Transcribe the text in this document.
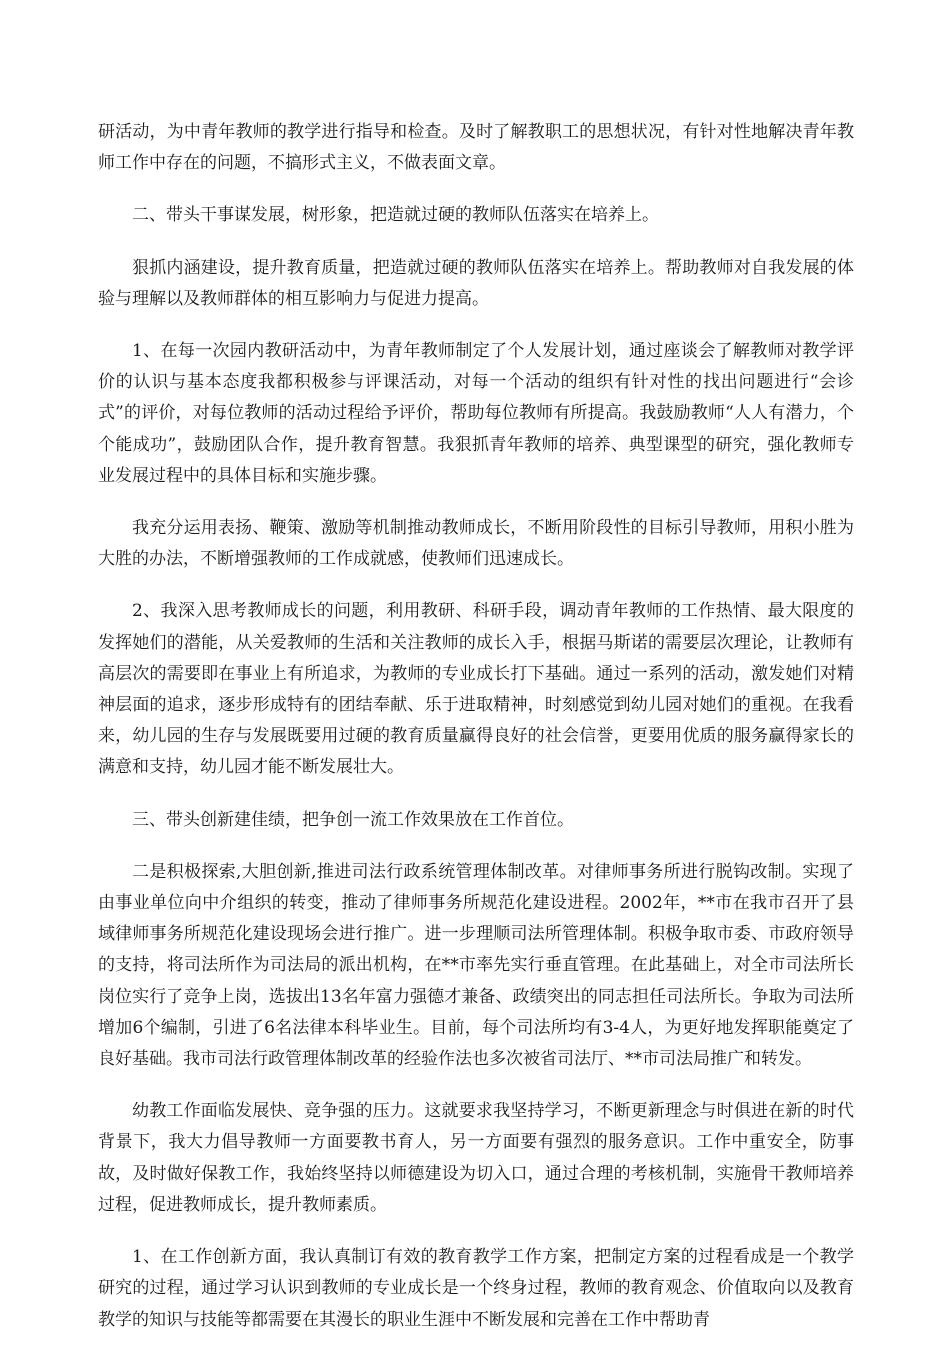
研活动，为中青年教师的教学进行指导和检查。及时了解教职工的思想状况，有针对性地解决青年教师工作中存在的问题，不搞形式主义，不做表面文章。

二、带头干事谋发展，树形象，把造就过硬的教师队伍落实在培养上。

狠抓内涵建设，提升教育质量，把造就过硬的教师队伍落实在培养上。帮助教师对自我发展的体验与理解以及教师群体的相互影响力与促进力提高。

1、在每一次园内教研活动中，为青年教师制定了个人发展计划，通过座谈会了解教师对教学评价的认识与基本态度我都积极参与评课活动，对每一个活动的组织有针对性的找出问题进行“会诊式”的评价，对每位教师的活动过程给予评价，帮助每位教师有所提高。我鼓励教师“人人有潜力，个个能成功”，鼓励团队合作，提升教育智慧。我狠抓青年教师的培养、典型课型的研究，强化教师专业发展过程中的具体目标和实施步骤。

我充分运用表扬、鞭策、激励等机制推动教师成长，不断用阶段性的目标引导教师，用积小胜为大胜的办法，不断增强教师的工作成就感，使教师们迅速成长。

2、我深入思考教师成长的问题，利用教研、科研手段，调动青年教师的工作热情、最大限度的发挥她们的潜能，从关爱教师的生活和关注教师的成长入手，根据马斯诺的需要层次理论，让教师有高层次的需要即在事业上有所追求，为教师的专业成长打下基础。通过一系列的活动，激发她们对精神层面的追求，逐步形成特有的团结奉献、乐于进取精神，时刻感觉到幼儿园对她们的重视。在我看来，幼儿园的生存与发展既要用过硬的教育质量赢得良好的社会信誉，更要用优质的服务赢得家长的满意和支持，幼儿园才能不断发展壮大。

三、带头创新建佳绩，把争创一流工作效果放在工作首位。

二是积极探索,大胆创新,推进司法行政系统管理体制改革。对律师事务所进行脱钩改制。实现了由事业单位向中介组织的转变，推动了律师事务所规范化建设进程。2002年，**市在我市召开了县域律师事务所规范化建设现场会进行推广。进一步理顺司法所管理体制。积极争取市委、市政府领导的支持，将司法所作为司法局的派出机构，在**市率先实行垂直管理。在此基础上，对全市司法所长岗位实行了竞争上岗，选拔出13名年富力强德才兼备、政绩突出的同志担任司法所长。争取为司法所增加6个编制，引进了6名法律本科毕业生。目前，每个司法所均有3-4人，为更好地发挥职能奠定了良好基础。我市司法行政管理体制改革的经验作法也多次被省司法厅、**市司法局推广和转发。

幼教工作面临发展快、竞争强的压力。这就要求我坚持学习，不断更新理念与时俱进在新的时代背景下，我大力倡导教师一方面要教书育人，另一方面要有强烈的服务意识。工作中重安全，防事故，及时做好保教工作，我始终坚持以师德建设为切入口，通过合理的考核机制，实施骨干教师培养过程，促进教师成长，提升教师素质。

1、在工作创新方面，我认真制订有效的教育教学工作方案，把制定方案的过程看成是一个教学研究的过程，通过学习认识到教师的专业成长是一个终身过程，教师的教育观念、价值取向以及教育教学的知识与技能等都需要在其漫长的职业生涯中不断发展和完善在工作中帮助青
